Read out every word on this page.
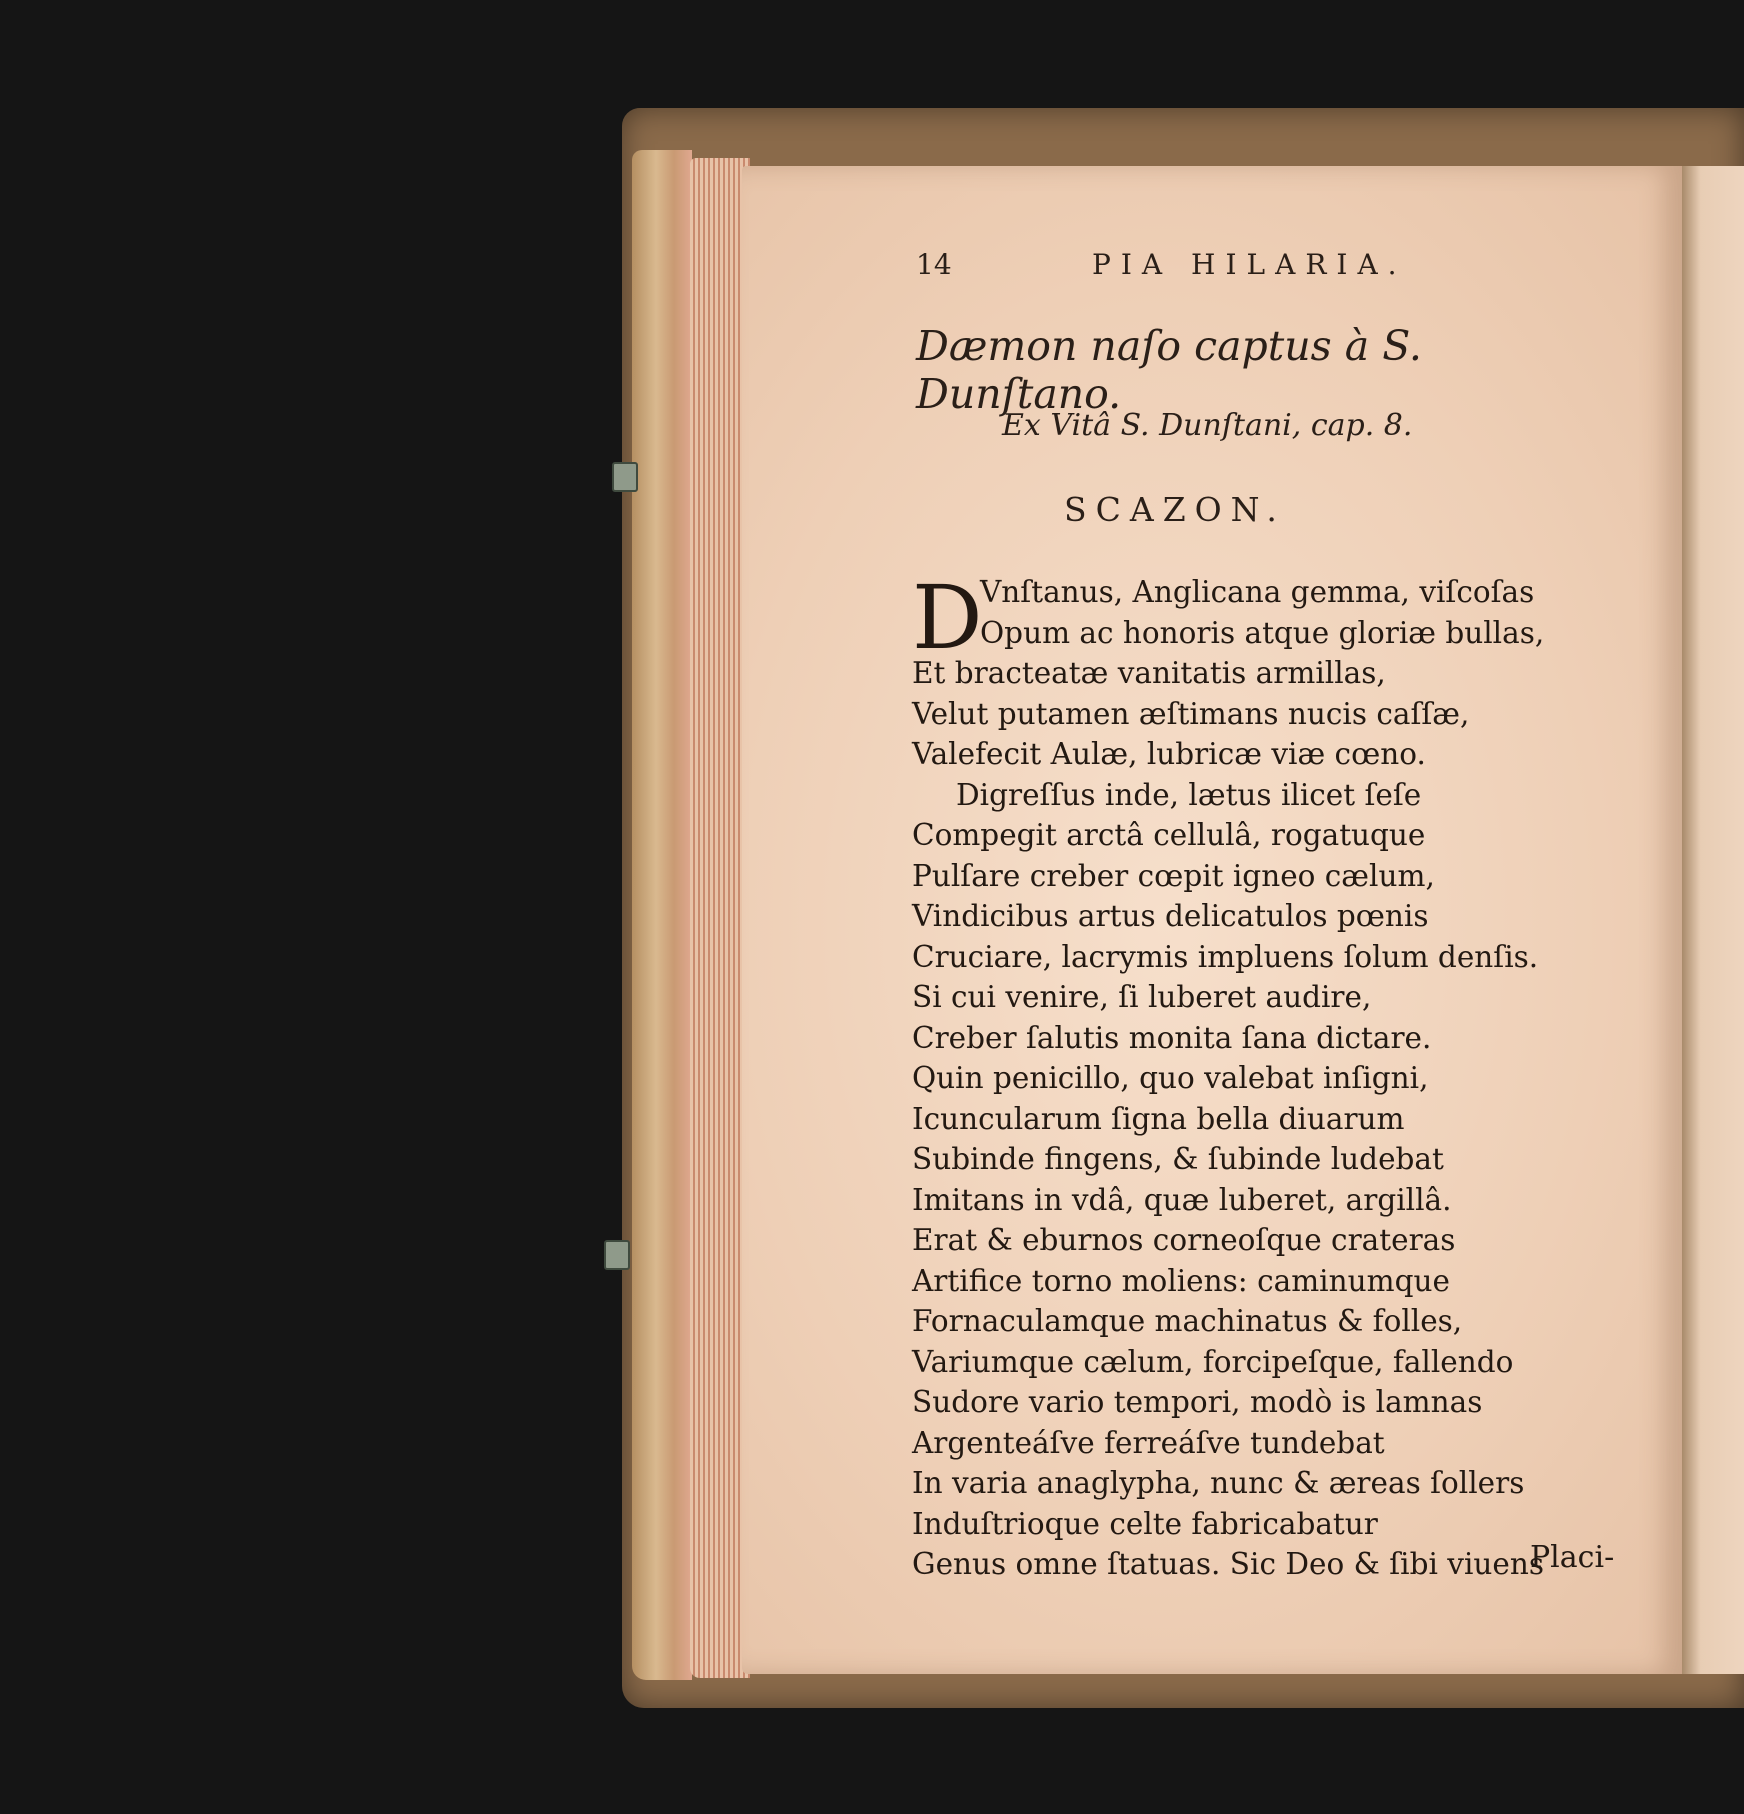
14	PIA HILARIA.
Dæmon naſo captus à S. Dunſtano.
Ex Vitâ S. Dunſtani, cap. 8.
SCAZON.
D
Vnſtanus, Anglicana gemma, viſcoſas
Opum ac honoris atque gloriæ bullas,
Et bracteatæ vanitatis armillas,
Velut putamen æſtimans nucis caſſæ,
Valefecit Aulæ, lubricæ viæ cœno.
Digreſſus inde, lætus ilicet ſeſe
Compegit arctâ cellulâ, rogatuque
Pulſare creber cœpit igneo cælum,
Vindicibus artus delicatulos pœnis
Cruciare, lacrymis impluens ſolum denſis.
Si cui venire, ſi luberet audire,
Creber ſalutis monita ſana dictare.
Quin penicillo, quo valebat inſigni,
Icuncularum ſigna bella diuarum
Subinde fingens, & ſubinde ludebat
Imitans in vdâ, quæ luberet, argillâ.
Erat & eburnos corneoſque crateras
Artifice torno moliens: caminumque
Fornaculamque machinatus & folles,
Variumque cælum, forcipeſque, fallendo
Sudore vario tempori, modò is lamnas
Argenteáſve ferreáſve tundebat
In varia anaglypha, nunc & æreas ſollers
Induſtrioque celte fabricabatur
Genus omne ſtatuas. Sic Deo & ſibi viuens
Placi-
